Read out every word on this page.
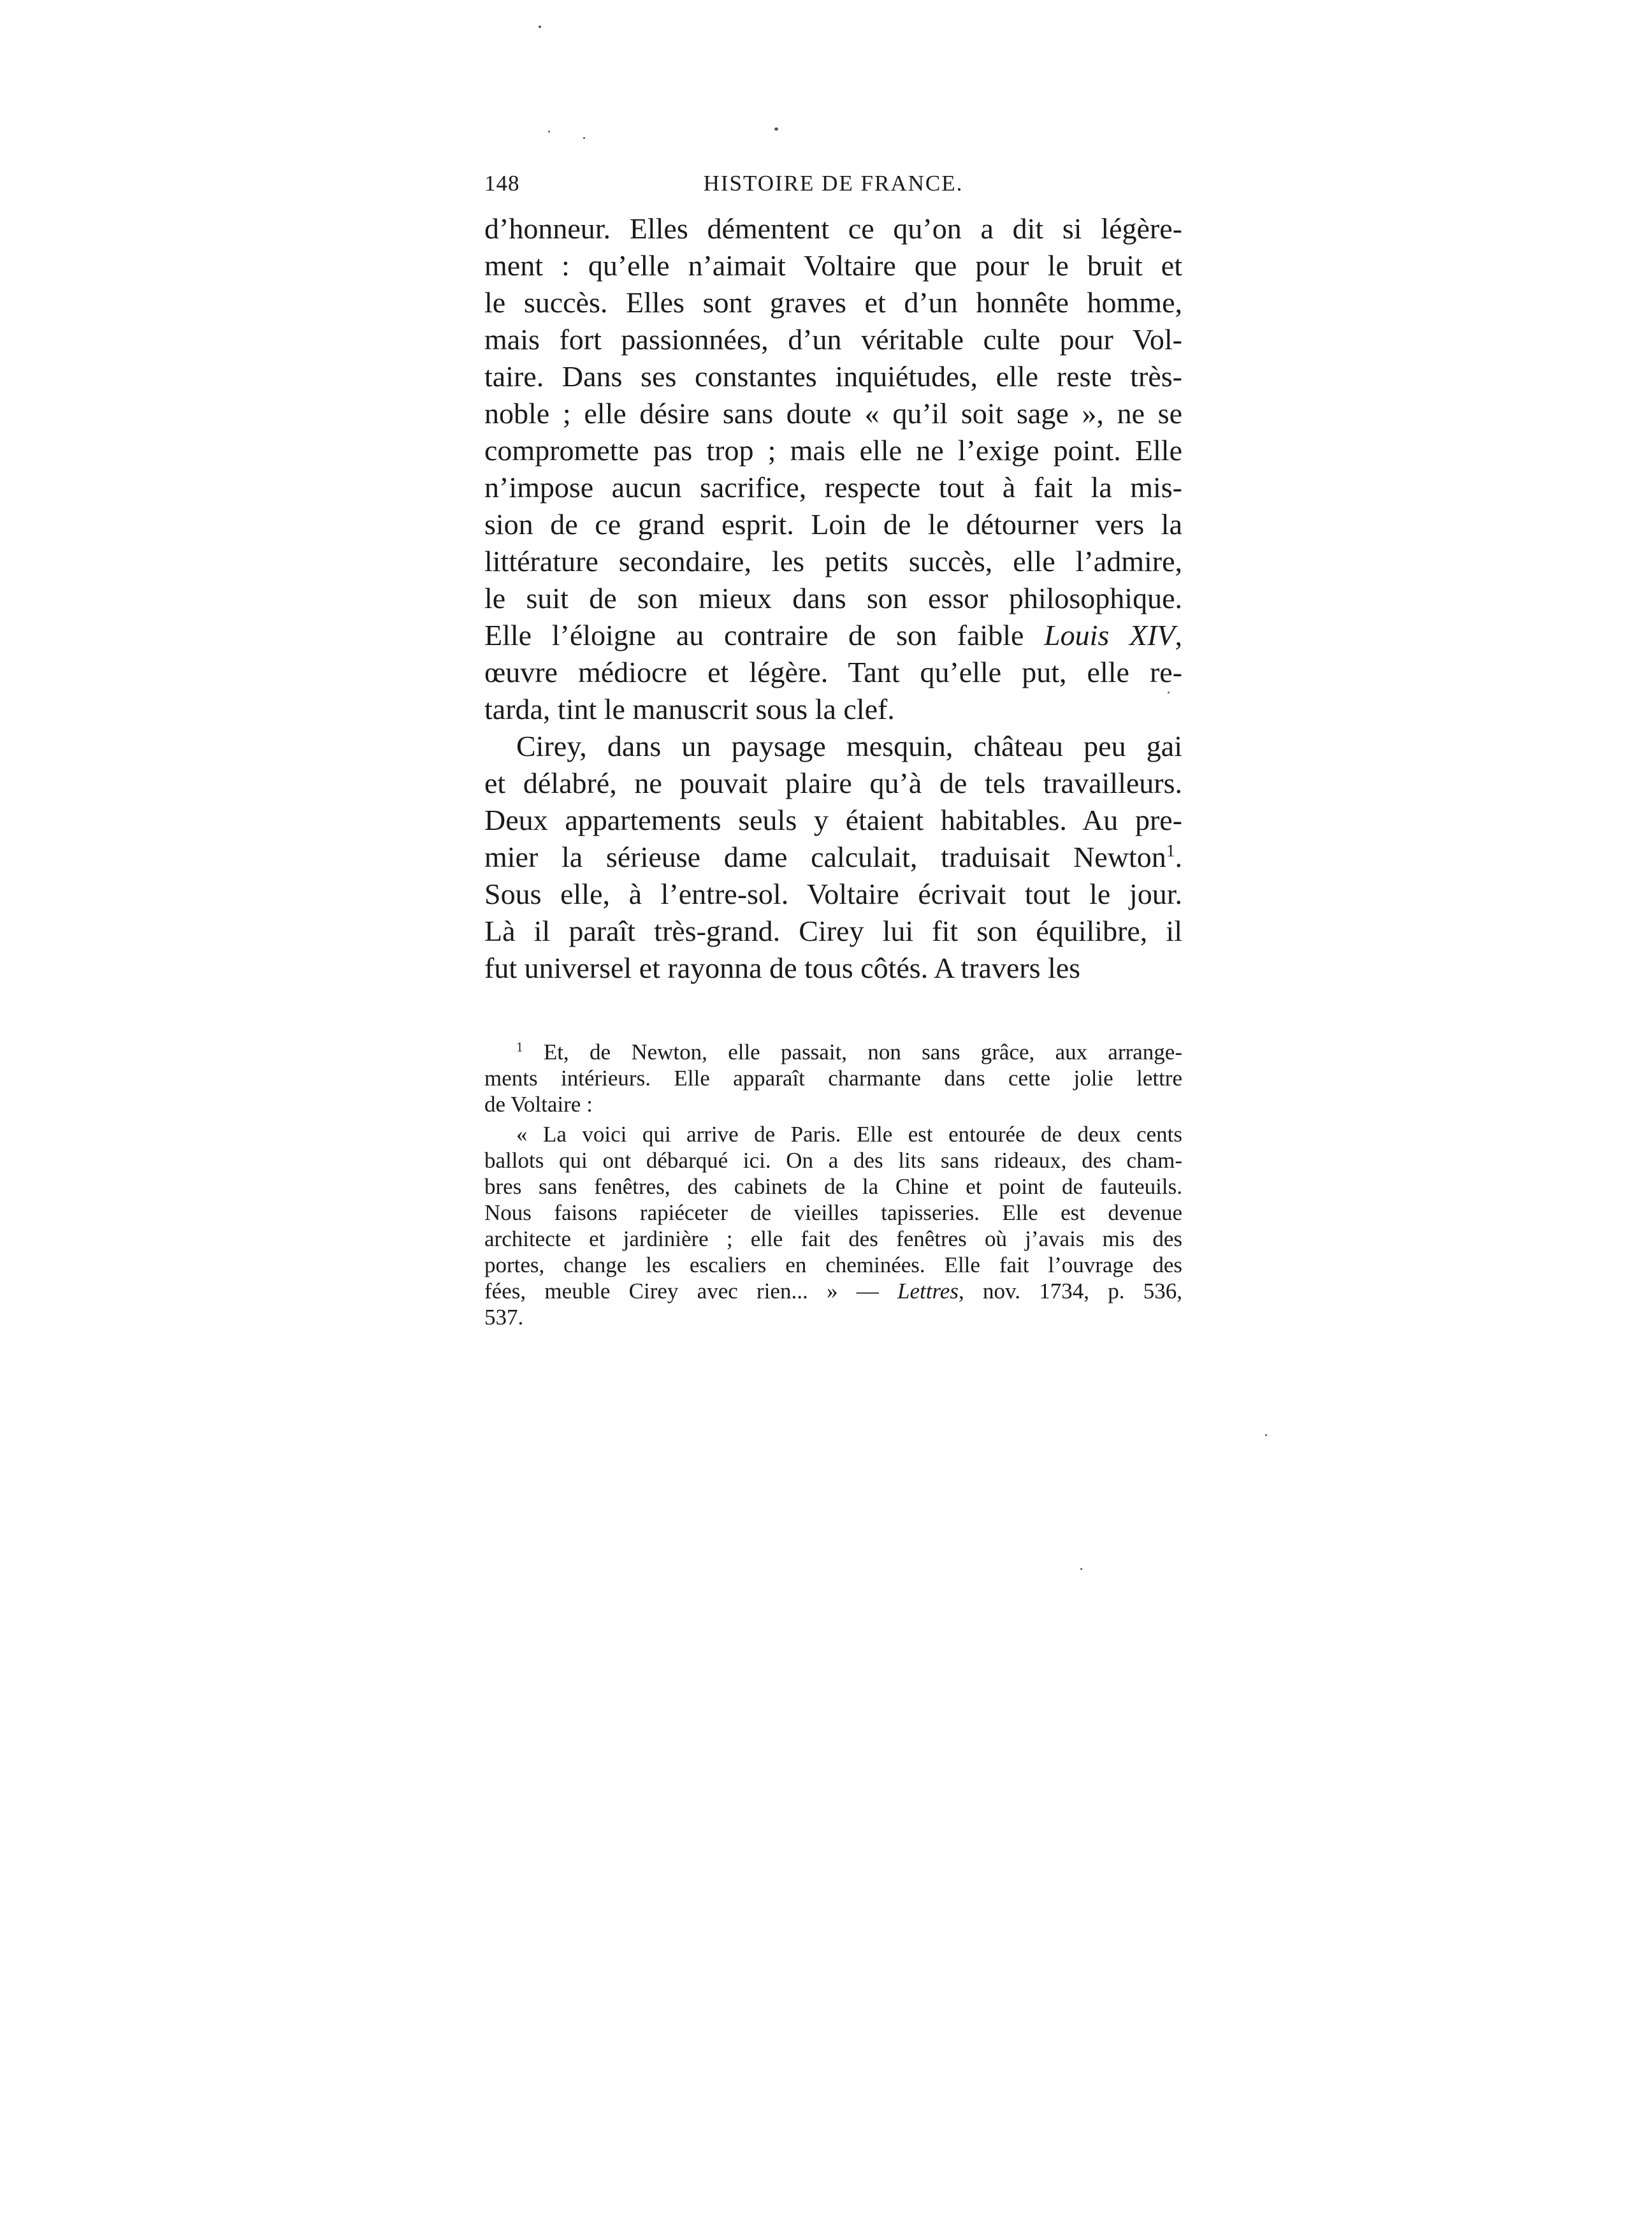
148	HISTOIRE DE FRANCE.
d’honneur. Elles démentent ce qu’on a dit si légère-
ment : qu’elle n’aimait Voltaire que pour le bruit et
le succès. Elles sont graves et d’un honnête homme,
mais fort passionnées, d’un véritable culte pour Vol-
taire. Dans ses constantes inquiétudes, elle reste très-
noble ; elle désire sans doute « qu’il soit sage », ne se
compromette pas trop ; mais elle ne l’exige point. Elle
n’impose aucun sacrifice, respecte tout à fait la mis-
sion de ce grand esprit. Loin de le détourner vers la
littérature secondaire, les petits succès, elle l’admire,
le suit de son mieux dans son essor philosophique.
Elle l’éloigne au contraire de son faible Louis XIV,
œuvre médiocre et légère. Tant qu’elle put, elle re-
tarda, tint le manuscrit sous la clef.
Cirey, dans un paysage mesquin, château peu gai
et délabré, ne pouvait plaire qu’à de tels travailleurs.
Deux appartements seuls y étaient habitables. Au pre-
mier la sérieuse dame calculait, traduisait Newton$^1$.
Sous elle, à l’entre-sol. Voltaire écrivait tout le jour.
Là il paraît très-grand. Cirey lui fit son équilibre, il
fut universel et rayonna de tous côtés. A travers les
$^1$ Et, de Newton, elle passait, non sans grâce, aux arrange-
ments intérieurs. Elle apparaît charmante dans cette jolie lettre
de Voltaire :
« La voici qui arrive de Paris. Elle est entourée de deux cents
ballots qui ont débarqué ici. On a des lits sans rideaux, des cham-
bres sans fenêtres, des cabinets de la Chine et point de fauteuils.
Nous faisons rapiéceter de vieilles tapisseries. Elle est devenue
architecte et jardinière ; elle fait des fenêtres où j’avais mis des
portes, change les escaliers en cheminées. Elle fait l’ouvrage des
fées, meuble Cirey avec rien... » — Lettres, nov. 1734, p. 536,
537.
